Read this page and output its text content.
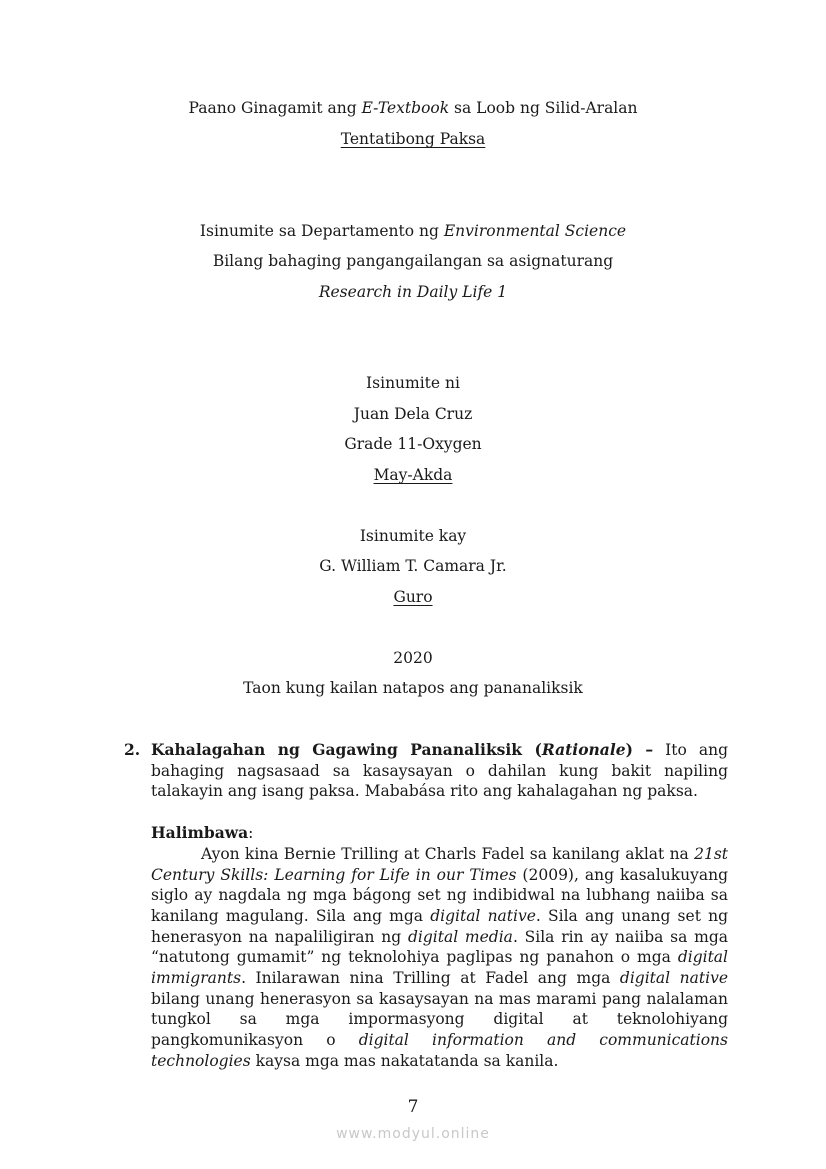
Paano Ginagamit ang E-Textbook sa Loob ng Silid-Aralan
Tentatibong Paksa
Isinumite sa Departamento ng Environmental Science
Bilang bahaging pangangailangan sa asignaturang
Research in Daily Life 1
Isinumite ni
Juan Dela Cruz
Grade 11-Oxygen
May-Akda
Isinumite kay
G. William T. Camara Jr.
Guro
2020
Taon kung kailan natapos ang pananaliksik
2. Kahalagahan ng Gagawing Pananaliksik (Rationale) – Ito ang bahaging nagsasaad sa kasaysayan o dahilan kung bakit napiling talakayin ang isang paksa. Mababása rito ang kahalagahan ng paksa.
Halimbawa:
Ayon kina Bernie Trilling at Charls Fadel sa kanilang aklat na 21st Century Skills: Learning for Life in our Times (2009), ang kasalukuyang siglo ay nagdala ng mga bágong set ng indibidwal na lubhang naiiba sa kanilang magulang. Sila ang mga digital native. Sila ang unang set ng henerasyon na napaliligiran ng digital media. Sila rin ay naiiba sa mga “natutong gumamit” ng teknolohiya paglipas ng panahon o mga digital immigrants. Inilarawan nina Trilling at Fadel ang mga digital native bilang unang henerasyon sa kasaysayan na mas marami pang nalalaman tungkol sa mga impormasyong digital at teknolohiyang pangkomunikasyon o digital information and communications technologies kaysa mga mas nakatatanda sa kanila.
7
www.modyul.online
